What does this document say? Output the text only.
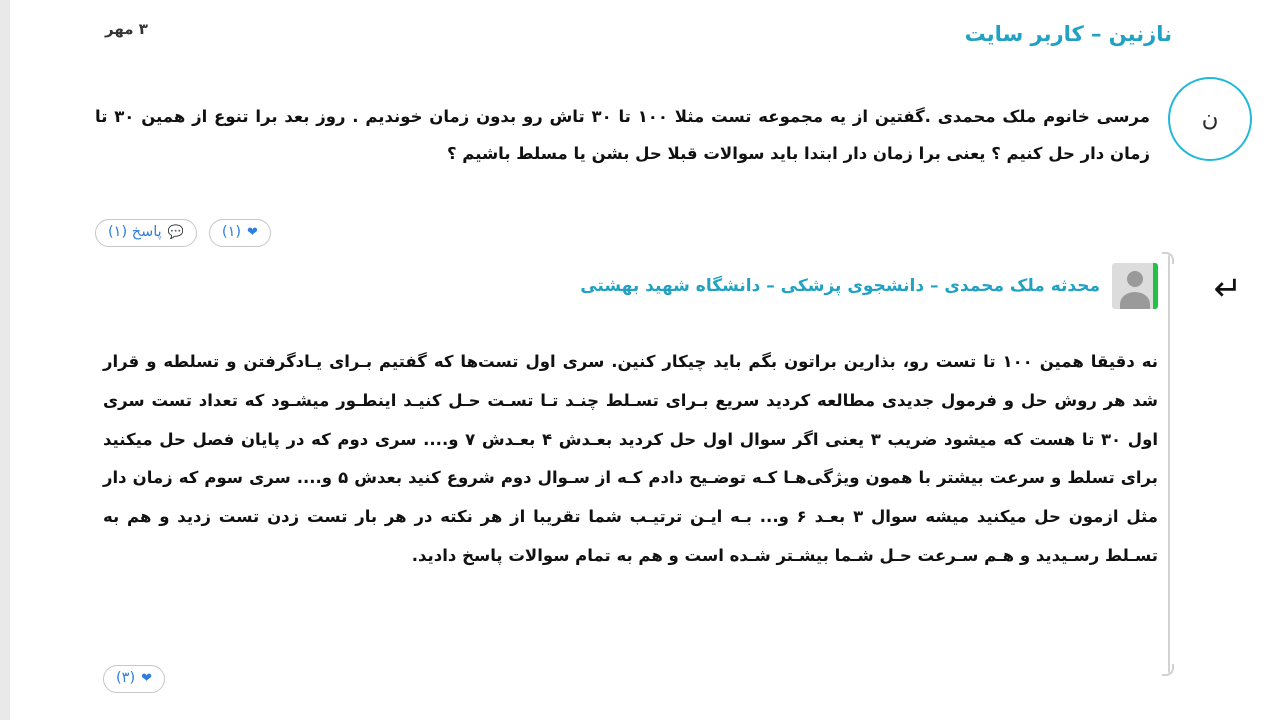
۳ مهر	نازنین – کاربر سایت
ن
مرسی خانوم ملک محمدی .گفتین از یه مجموعه تست مثلا ۱۰۰ تا ۳۰ تاش رو بدون زمان خوندیم . روز بعد برا تنوع از همین ۳۰ تا زمان دار حل کنیم ؟ یعنی برا زمان دار ابتدا باید سوالات قبلا حل بشن یا مسلط باشیم ؟
💬
پاسخ (۱)	❤
(۱)
↵
محدثه ملک محمدی – دانشجوی پزشکی – دانشگاه شهید بهشتی
نه دقیقا همین ۱۰۰ تا تست رو، بذارین براتون بگم باید چیکار کنین. سری اول تست‌ها که گفتیم بـرای یـادگرفتن و تسلطه و قرار شد هر روش حل و فرمول جدیدی مطالعه کردید سریع بـرای تسـلط چنـد تـا تسـت حـل کنیـد اینطـور میشـود که تعداد تست سری اول ۳۰ تا هست که میشود ضریب ۳ یعنی اگر سوال اول حل کردید بعـدش ۴ بعـدش ۷ و.... سری دوم که در پایان فصل حل میکنید برای تسلط و سرعت بیشتر با همون ویژگی‌هـا کـه توضـیح دادم کـه از سـوال دوم شروع کنید بعدش ۵ و.... سری سوم که زمان دار مثل ازمون حل میکنید میشه سوال ۳ بعـد ۶ و... بـه ایـن ترتیـب شما تقریبا از هر نکته در هر بار تست زدن تست زدید و هم به تسـلط رسـیدید و هـم سـرعت حـل شـما بیشـتر شـده است و هم به تمام سوالات پاسخ دادید.
❤
(۳)
